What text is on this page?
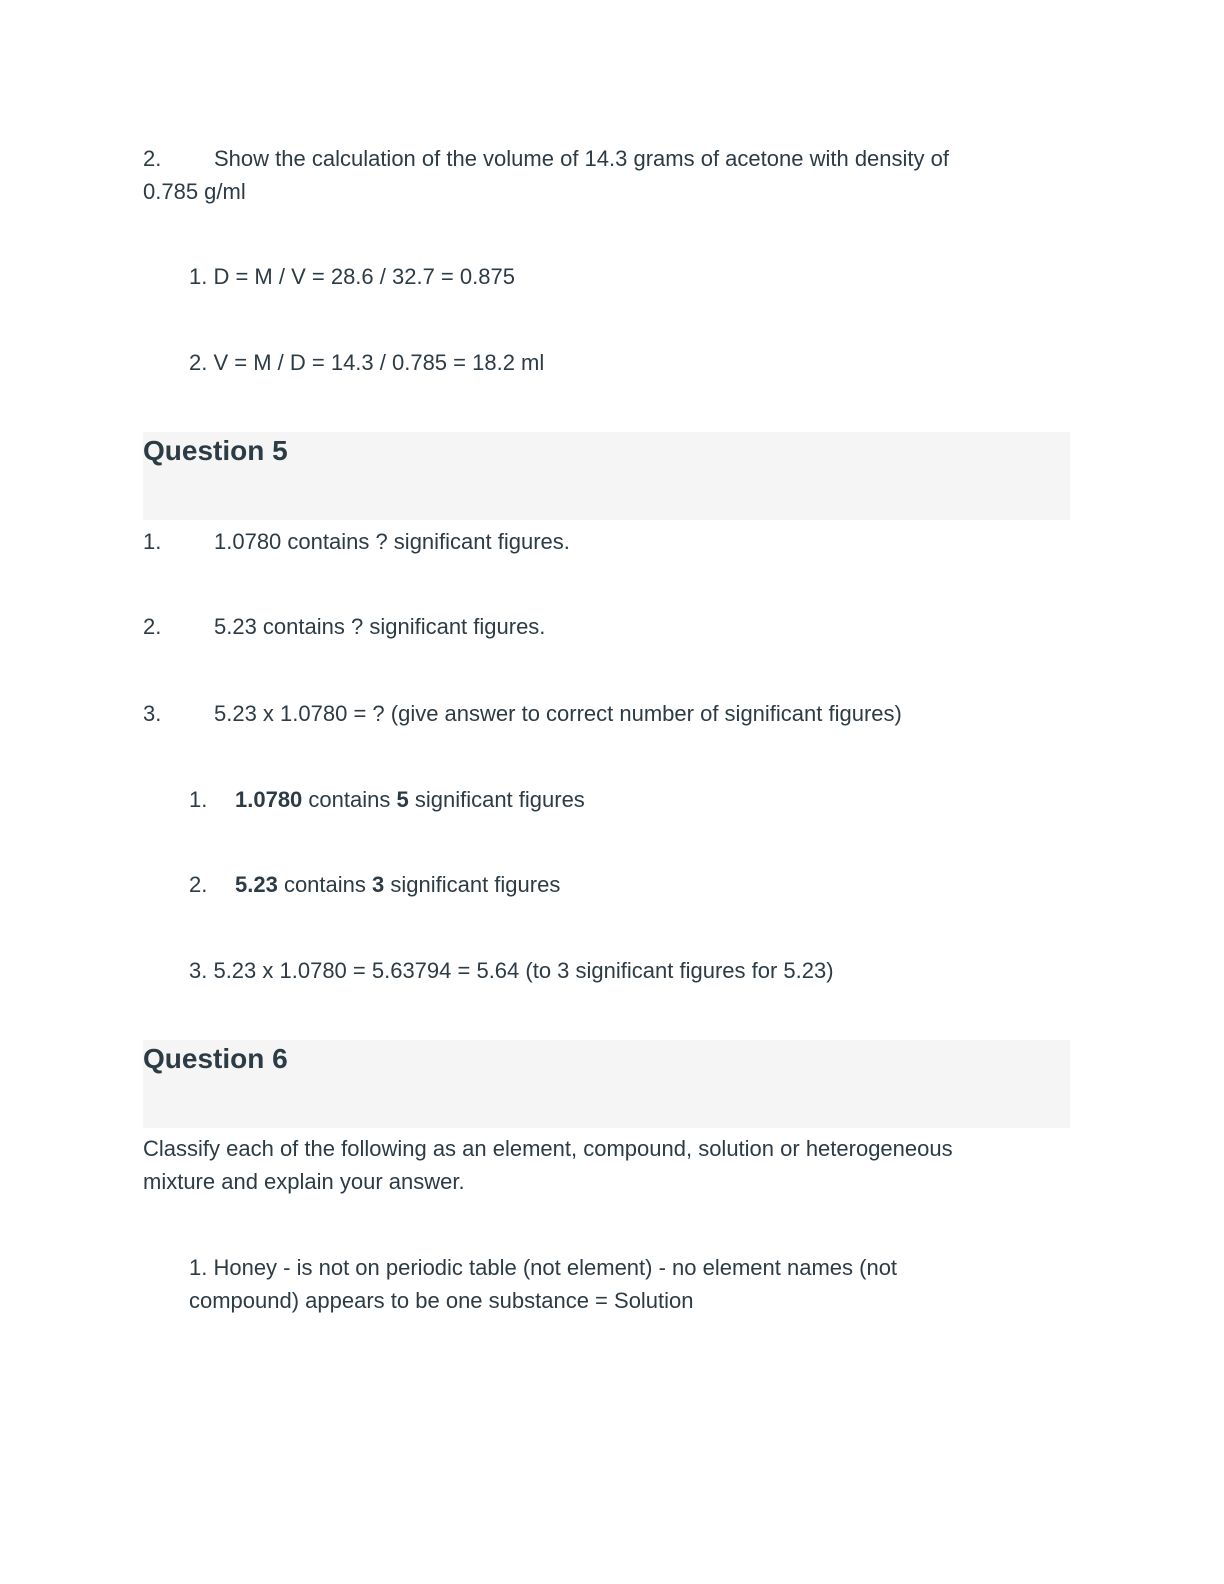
2. Show the calculation of the volume of 14.3 grams of acetone with density of
0.785 g/ml
1. D = M / V = 28.6 / 32.7 = 0.875
2. V = M / D = 14.3 / 0.785 = 18.2 ml
Question 5
1. 1.0780 contains ? significant figures.
2. 5.23 contains ? significant figures.
3. 5.23 x 1.0780 = ? (give answer to correct number of significant figures)
1. 1.0780 contains 5 significant figures
2. 5.23 contains 3 significant figures
3. 5.23 x 1.0780 = 5.63794 = 5.64 (to 3 significant figures for 5.23)
Question 6
Classify each of the following as an element, compound, solution or heterogeneous
mixture and explain your answer.
1. Honey - is not on periodic table (not element) - no element names (not
compound) appears to be one substance = Solution
